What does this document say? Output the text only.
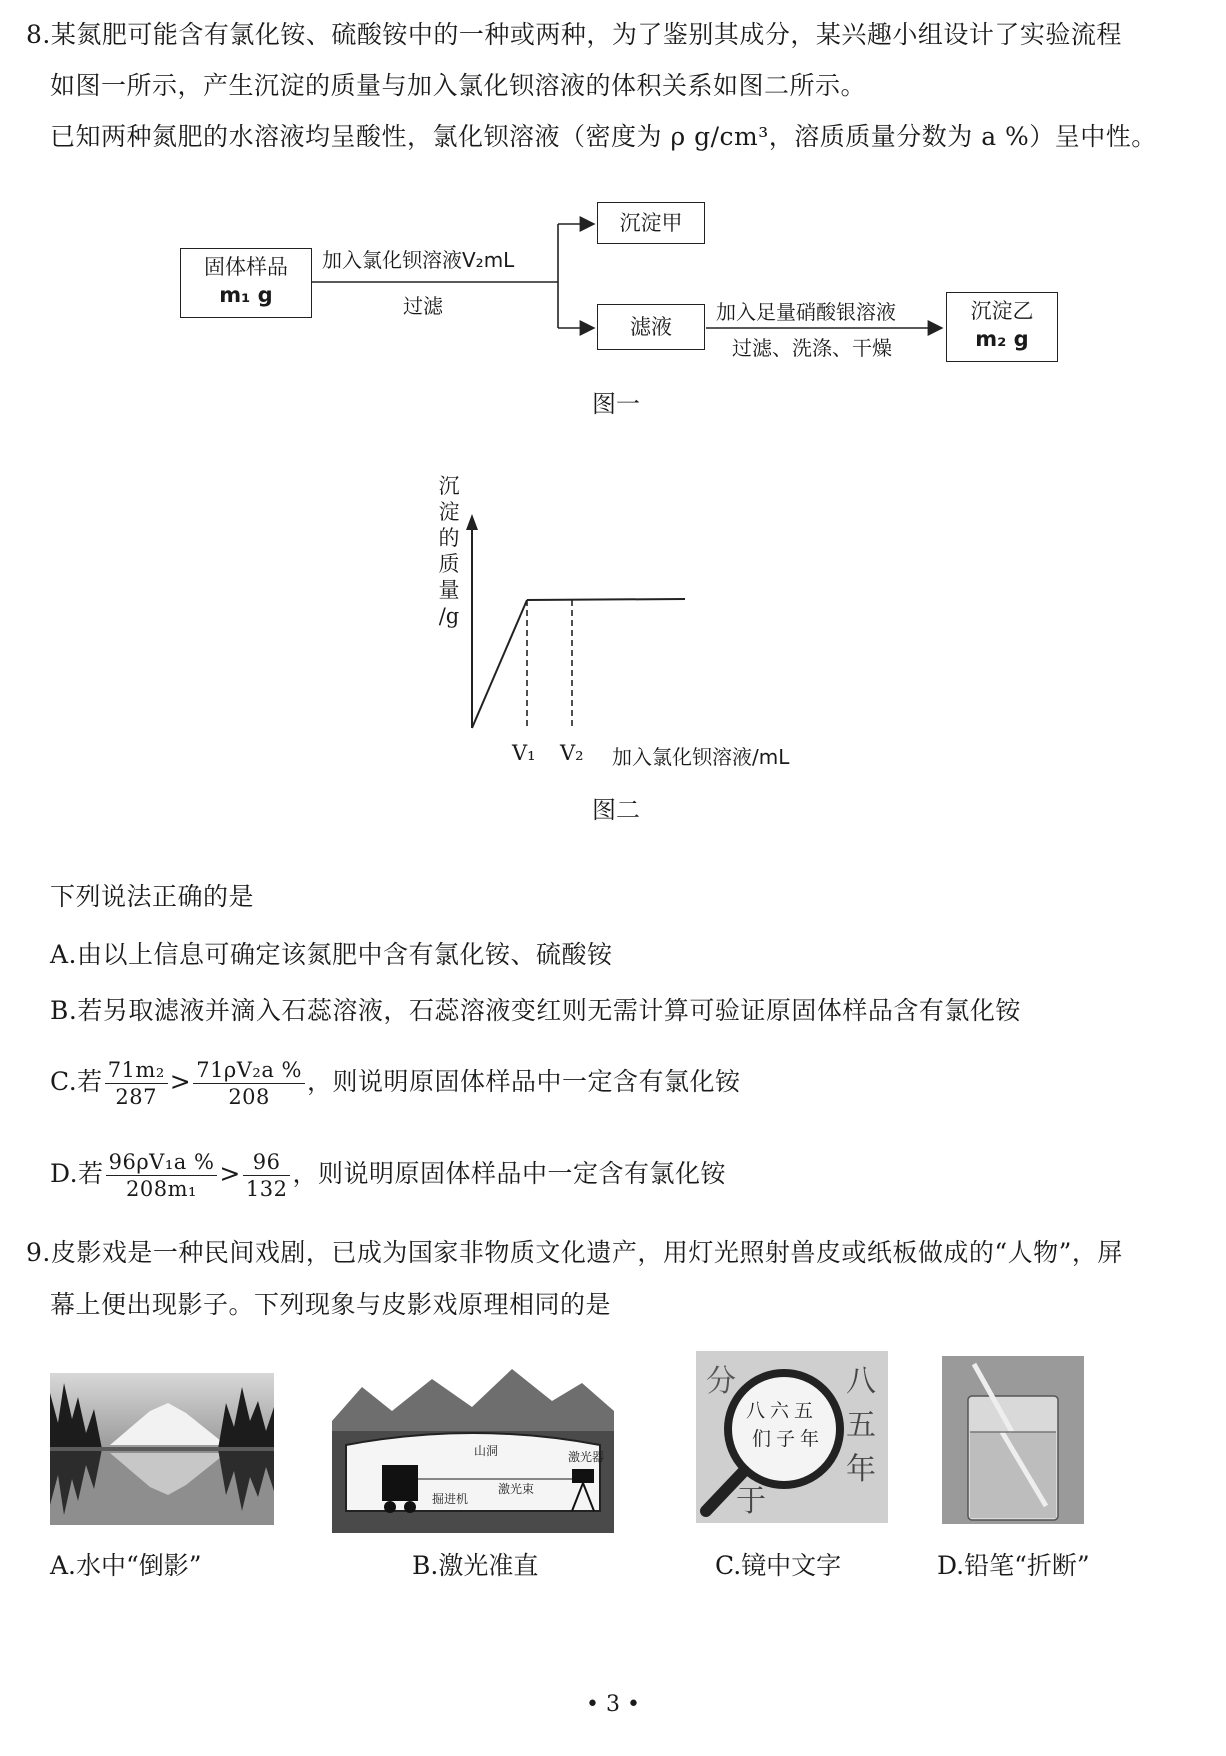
8.某氮肥可能含有氯化铵、硫酸铵中的一种或两种，为了鉴别其成分，某兴趣小组设计了实验流程
如图一所示，产生沉淀的质量与加入氯化钡溶液的体积关系如图二所示。
已知两种氮肥的水溶液均呈酸性，氯化钡溶液（密度为 ρ g/cm³，溶质质量分数为 a %）呈中性。
固体样品
m₁ g
加入氯化钡溶液V₂mL
过滤
沉淀甲
滤液
加入足量硝酸银溶液
过滤、洗涤、干燥
沉淀乙
m₂ g
图一
沉
淀
的
质
量
/g
V₁ V₂ 加入氯化钡溶液/mL
图二
下列说法正确的是
A.由以上信息可确定该氮肥中含有氯化铵、硫酸铵
B.若另取滤液并滴入石蕊溶液，石蕊溶液变红则无需计算可验证原固体样品含有氯化铵
C.若 $\frac{\text{71m₂}}{287} > \frac{\text{71ρV₂a \%}}{208}$ ，则说明原固体样品中一定含有氯化铵
D.若 $\frac{\text{96ρV₁a \%}}{\text{208m₁}} > \frac{96}{132}$ ，则说明原固体样品中一定含有氯化铵
9.皮影戏是一种民间戏剧，已成为国家非物质文化遗产，用灯光照射兽皮或纸板做成的“人物”，屏
幕上便出现影子。下列现象与皮影戏原理相同的是
山洞	激光器
激光束
掘进机
八
五
年
分
于
八 六 五
们 子 年
A.水中“倒影”	B.激光准直	C.镜中文字	D.铅笔“折断”
• 3 •
